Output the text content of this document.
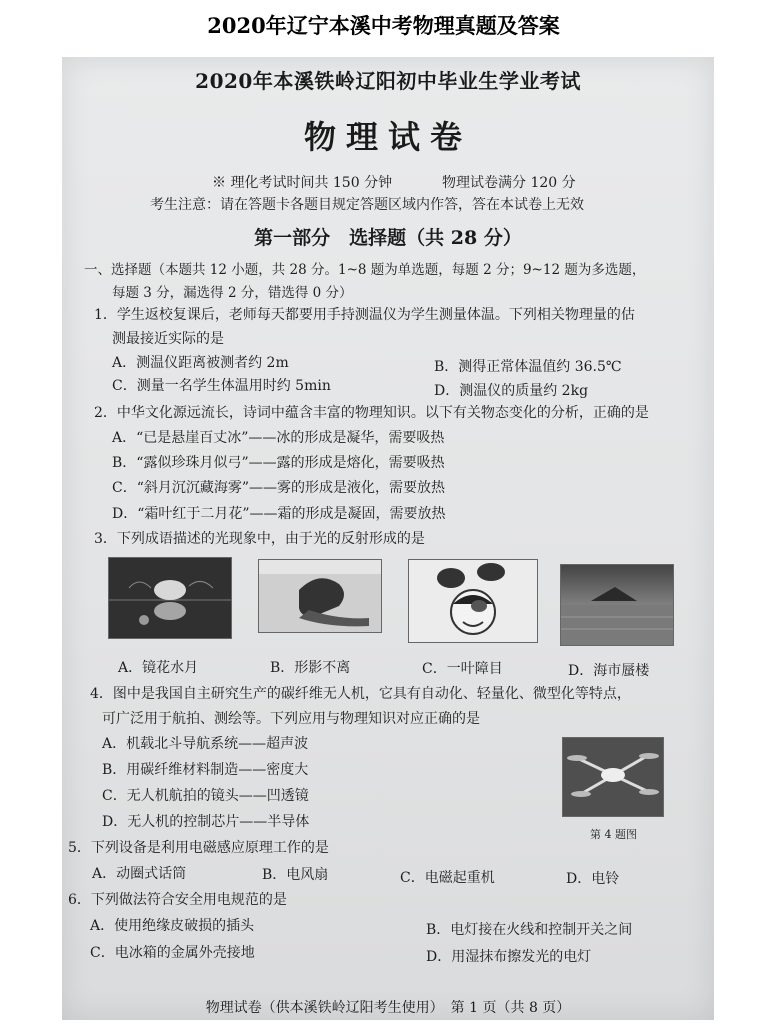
2020年辽宁本溪中考物理真题及答案
2020年本溪铁岭辽阳初中毕业生学业考试
物理试卷
※ 理化考试时间共 150 分钟	物理试卷满分 120 分
考生注意：请在答题卡各题目规定答题区域内作答，答在本试卷上无效
第一部分　选择题（共 28 分）
一、选择题（本题共 12 小题，共 28 分。1~8 题为单选题，每题 2 分；9~12 题为多选题，
每题 3 分，漏选得 2 分，错选得 0 分）
1．学生返校复课后，老师每天都要用手持测温仪为学生测量体温。下列相关物理量的估
测最接近实际的是
A．测温仪距离被测者约 2m	B．测得正常体温值约 36.5℃
C．测量一名学生体温用时约 5min	D．测温仪的质量约 2kg
2．中华文化源远流长，诗词中蕴含丰富的物理知识。以下有关物态变化的分析，正确的是
A．“已是悬崖百丈冰”——冰的形成是凝华，需要吸热
B．“露似珍珠月似弓”——露的形成是熔化，需要吸热
C．“斜月沉沉藏海雾”——雾的形成是液化，需要放热
D．“霜叶红于二月花”——霜的形成是凝固，需要放热
3．下列成语描述的光现象中，由于光的反射形成的是
A．镜花水月	B．形影不离	C．一叶障目	D．海市蜃楼
4．图中是我国自主研究生产的碳纤维无人机，它具有自动化、轻量化、微型化等特点，
可广泛用于航拍、测绘等。下列应用与物理知识对应正确的是
A．机载北斗导航系统——超声波
B．用碳纤维材料制造——密度大
C．无人机航拍的镜头——凹透镜
D．无人机的控制芯片——半导体
第 4 题图
5．下列设备是利用电磁感应原理工作的是
A．动圈式话筒	B．电风扇	C．电磁起重机	D．电铃
6．下列做法符合安全用电规范的是
A．使用绝缘皮破损的插头	B．电灯接在火线和控制开关之间
C．电冰箱的金属外壳接地	D．用湿抹布擦发光的电灯
物理试卷（供本溪铁岭辽阳考生使用）　第 1 页（共 8 页）
